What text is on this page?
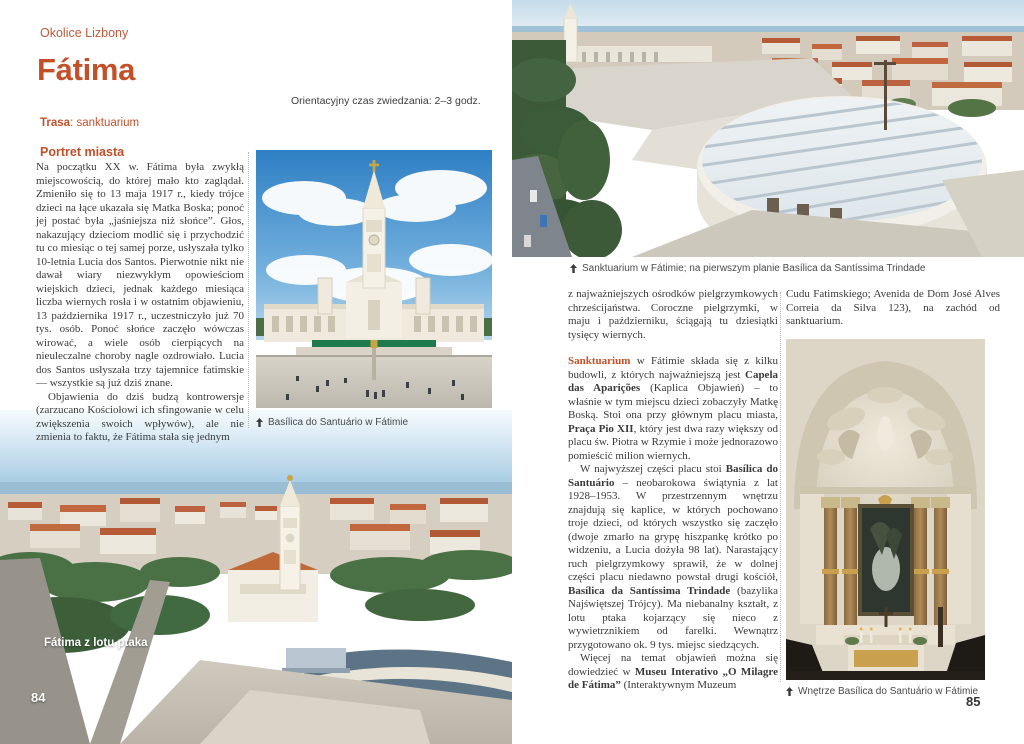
Okolice Lizbony
Fátima
Orientacyjny czas zwiedzania: 2–3 godz.
Trasa: sanktuarium
Portret miasta

Na początku XX w. Fátima była zwykłą miejscowością, do której mało kto zaglądał. Zmieniło się to 13 maja 1917 r., kiedy trójce dzieci na łące ukazała się Matka Boska; ponoć jej postać była „jaśniejsza niż słońce”. Głos, nakazujący dzieciom modlić się i przychodzić tu co miesiąc o tej samej porze, usłyszała tylko 10-letnia Lucia dos Santos. Pierwotnie nikt nie dawał wiary niezwykłym opowieściom wiejskich dzieci, jednak każdego miesiąca liczba wiernych rosła i w ostatnim objawieniu, 13 października 1917 r., uczestniczyło już 70 tys. osób. Ponoć słońce zaczęło wówczas wirować, a wiele osób cierpiących na nieuleczalne choroby nagle ozdrowiało. Lucia dos Santos usłyszała trzy tajemnice fatimskie — wszystkie są już dziś znane.

Objawienia do dziś budzą kontrowersje (zarzucano Kościołowi ich sfingowanie w celu zwiększenia swoich wpływów), ale nie zmienia to faktu, że Fátima stała się jednym

Basílica do Santuário w Fátimie
Fátima z lotu ptaka
84
Sanktuarium w Fátimie; na pierwszym planie Basílica da Santíssima Trindade

z najważniejszych ośrodków pielgrzymkowych chrześcijaństwa. Coroczne pielgrzymki, w maju i październiku, ściągają tu dziesiątki tysięcy wiernych.

Sanktuarium w Fátimie składa się z kilku budowli, z których najważniejszą jest Capela das Aparições (Kaplica Objawień) – to właśnie w tym miejscu dzieci zobaczyły Matkę Boską. Stoi ona przy głównym placu miasta, Praça Pio XII, który jest dwa razy większy od placu św. Piotra w Rzymie i może jednorazowo pomieścić milion wiernych.

W najwyższej części placu stoi Basílica do Santuário – neobarokowa świątynia z lat 1928–1953. W przestrzennym wnętrzu znajdują się kaplice, w których pochowano troje dzieci, od których wszystko się zaczęło (dwoje zmarło na grypę hiszpankę krótko po widzeniu, a Lucia dożyła 98 lat). Narastający ruch pielgrzymkowy sprawił, że w dolnej części placu niedawno powstał drugi kościół, Basílica da Santíssima Trindade (bazylika Najświętszej Trójcy). Ma niebanalny kształt, z lotu ptaka kojarzący się nieco z wywietrznikiem od farelki. Wewnątrz przygotowano ok. 9 tys. miejsc siedzących.

Więcej na temat objawień można się dowiedzieć w Museu Interativo „O Milagre de Fátima” (Interaktywnym Muzeum

Cudu Fatimskiego; Avenida de Dom José Alves Correia da Silva 123), na zachód od sanktuarium.

Wnętrze Basílica do Santuário w Fátimie
85
